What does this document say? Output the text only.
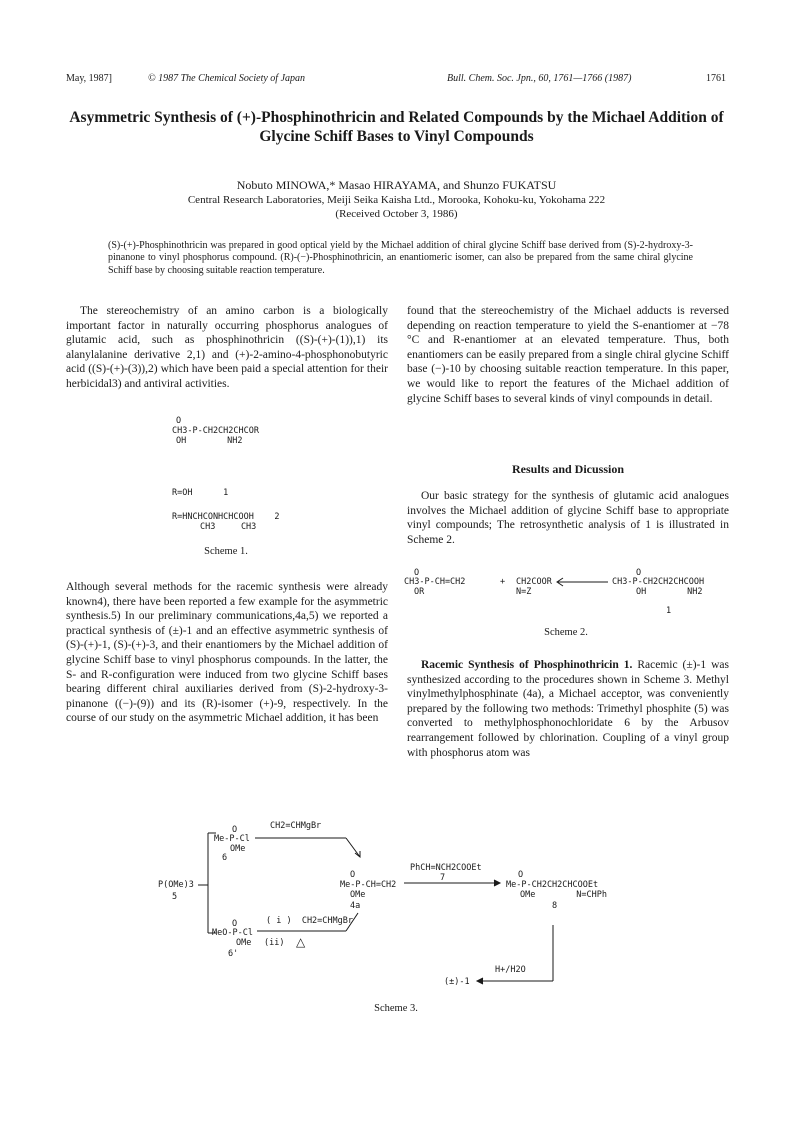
May, 1987]	© 1987 The Chemical Society of Japan	Bull. Chem. Soc. Jpn., 60, 1761—1766 (1987)	1761
Asymmetric Synthesis of (+)-Phosphinothricin and Related Compounds by the Michael Addition of Glycine Schiff Bases to Vinyl Compounds
Nobuto MINOWA,* Masao HIRAYAMA, and Shunzo FUKATSU
Central Research Laboratories, Meiji Seika Kaisha Ltd., Morooka, Kohoku-ku, Yokohama 222
(Received October 3, 1986)
(S)-(+)-Phosphinothricin was prepared in good optical yield by the Michael addition of chiral glycine Schiff base derived from (S)-2-hydroxy-3-pinanone to vinyl phosphorus compound. (R)-(−)-Phosphinothricin, an enantiomeric isomer, can also be prepared from the same chiral glycine Schiff base by choosing suitable reaction temperature.

The stereochemistry of an amino carbon is a biologically important factor in naturally occurring phosphorus analogues of glutamic acid, such as phosphinothricin ((S)-(+)-(1)),1) its alanylalanine derivative 2,1) and (+)-2-amino-4-phosphonobutyric acid ((S)-(+)-(3)),2) which have been paid a special attention for their herbicidal3) and antiviral activities.

O
CH3-P-CH2CH2CHCOR
OH        NH2
R=OH      1
R=HNCHCONHCHCOOH    2
CH3     CH3
Scheme 1.

Although several methods for the racemic synthesis were already known4), there have been reported a few example for the asymmetric synthesis.5) In our preliminary communications,4a,5) we reported a practical synthesis of (±)-1 and an effective asymmetric synthesis of (S)-(+)-1, (S)-(+)-3, and their enantiomers by the Michael addition of glycine Schiff base to vinyl phosphorus compounds. In the latter, the S- and R-configuration were induced from two glycine Schiff bases bearing different chiral auxiliaries derived from (S)-2-hydroxy-3-pinanone ((−)-(9)) and its (R)-isomer (+)-9, respectively. In the course of our study on the asymmetric Michael addition, it has been

found that the stereochemistry of the Michael adducts is reversed depending on reaction temperature to yield the S-enantiomer at −78 °C and R-enantiomer at an elevated temperature. Thus, both enantiomers can be easily prepared from a single chiral glycine Schiff base (−)-10 by choosing suitable reaction temperature. In this paper, we would like to report the features of the Michael addition of glycine Schiff bases to several kinds of vinyl compounds in detail.

Results and Dicussion

Our basic strategy for the synthesis of glutamic acid analogues involves the Michael addition of glycine Schiff base to appropriate vinyl compounds; The retrosynthetic analysis of 1 is illustrated in Scheme 2.

O
CH3-P-CH=CH2
OR
+ CH2COOR
N=Z
O
CH3-P-CH2CH2CHCOOH
OH        NH2
1
Scheme 2.

Racemic Synthesis of Phosphinothricin 1. Racemic (±)-1 was synthesized according to the procedures shown in Scheme 3. Methyl vinylmethylphosphinate (4a), a Michael acceptor, was conveniently prepared by the following two methods: Trimethyl phosphite (5) was converted to methylphosphonochloridate 6 by the Arbusov rearrangement followed by chlorination. Coupling of a vinyl group with phosphorus atom was

CH2=CHMgBr
O
Me-P-Cl
OMe
6
P(OMe)3
5
O
Me-P-CH=CH2
OMe
4a
PhCH=NCH2COOEt
7	O
Me-P-CH2CH2CHCOOEt
OMe        N=CHPh
8
( i )  CH2=CHMgBr
O
MeO-P-Cl
OMe (ii) △
6'
H+/H2O
(±)-1
Scheme 3.
